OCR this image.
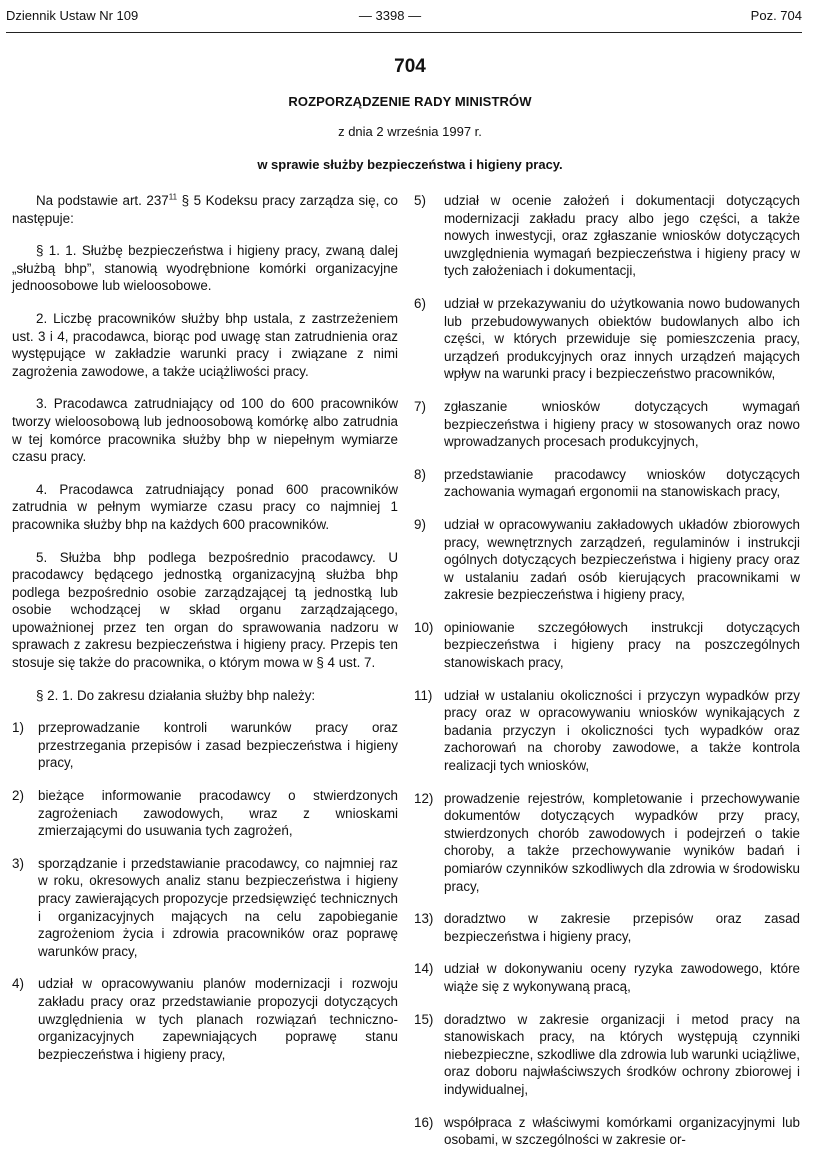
Dziennik Ustaw Nr 109	— 3398 —	Poz. 704
704
ROZPORZĄDZENIE RADY MINISTRÓW
z dnia 2 września 1997 r.
w sprawie służby bezpieczeństwa i higieny pracy.

Na podstawie art. $237^{11}$ § 5 Kodeksu pracy zarządza się, co następuje:

§ 1. 1. Służbę bezpieczeństwa i higieny pracy, zwaną dalej „służbą bhp”, stanowią wyodrębnione komórki organizacyjne jednoosobowe lub wieloosobowe.

2. Liczbę pracowników służby bhp ustala, z zastrzeżeniem ust. 3 i 4, pracodawca, biorąc pod uwagę stan zatrudnienia oraz występujące w zakładzie warunki pracy i związane z nimi zagrożenia zawodowe, a także uciążliwości pracy.

3. Pracodawca zatrudniający od 100 do 600 pracowników tworzy wieloosobową lub jednoosobową komórkę albo zatrudnia w tej komórce pracownika służby bhp w niepełnym wymiarze czasu pracy.

4. Pracodawca zatrudniający ponad 600 pracowników zatrudnia w pełnym wymiarze czasu pracy co najmniej 1 pracownika służby bhp na każdych 600 pracowników.

5. Służba bhp podlega bezpośrednio pracodawcy. U pracodawcy będącego jednostką organizacyjną służba bhp podlega bezpośrednio osobie zarządzającej tą jednostką lub osobie wchodzącej w skład organu zarządzającego, upoważnionej przez ten organ do sprawowania nadzoru w sprawach z zakresu bezpieczeństwa i higieny pracy. Przepis ten stosuje się także do pracownika, o którym mowa w § 4 ust. 7.

§ 2. 1. Do zakresu działania służby bhp należy:

1)	przeprowadzanie kontroli warunków pracy oraz przestrzegania przepisów i zasad bezpieczeństwa i higieny pracy,
2)	bieżące informowanie pracodawcy o stwierdzonych zagrożeniach zawodowych, wraz z wnioskami zmierzającymi do usuwania tych zagrożeń,
3)	sporządzanie i przedstawianie pracodawcy, co najmniej raz w roku, okresowych analiz stanu bezpieczeństwa i higieny pracy zawierających propozycje przedsięwzięć technicznych i organizacyjnych mających na celu zapobieganie zagrożeniom życia i zdrowia pracowników oraz poprawę warunków pracy,
4)	udział w opracowywaniu planów modernizacji i rozwoju zakładu pracy oraz przedstawianie propozycji dotyczących uwzględnienia w tych planach rozwiązań techniczno-organizacyjnych zapewniających poprawę stanu bezpieczeństwa i higieny pracy,
5)	udział w ocenie założeń i dokumentacji dotyczących modernizacji zakładu pracy albo jego części, a także nowych inwestycji, oraz zgłaszanie wniosków dotyczących uwzględnienia wymagań bezpieczeństwa i higieny pracy w tych założeniach i dokumentacji,
6)	udział w przekazywaniu do użytkowania nowo budowanych lub przebudowywanych obiektów budowlanych albo ich części, w których przewiduje się pomieszczenia pracy, urządzeń produkcyjnych oraz innych urządzeń mających wpływ na warunki pracy i bezpieczeństwo pracowników,
7)	zgłaszanie wniosków dotyczących wymagań bezpieczeństwa i higieny pracy w stosowanych oraz nowo wprowadzanych procesach produkcyjnych,
8)	przedstawianie pracodawcy wniosków dotyczących zachowania wymagań ergonomii na stanowiskach pracy,
9)	udział w opracowywaniu zakładowych układów zbiorowych pracy, wewnętrznych zarządzeń, regulaminów i instrukcji ogólnych dotyczących bezpieczeństwa i higieny pracy oraz w ustalaniu zadań osób kierujących pracownikami w zakresie bezpieczeństwa i higieny pracy,
10) opiniowanie szczegółowych instrukcji dotyczących bezpieczeństwa i higieny pracy na poszczególnych stanowiskach pracy,
11) udział w ustalaniu okoliczności i przyczyn wypadków przy pracy oraz w opracowywaniu wniosków wynikających z badania przyczyn i okoliczności tych wypadków oraz zachorowań na choroby zawodowe, a także kontrola realizacji tych wniosków,
12) prowadzenie rejestrów, kompletowanie i przechowywanie dokumentów dotyczących wypadków przy pracy, stwierdzonych chorób zawodowych i podejrzeń o takie choroby, a także przechowywanie wyników badań i pomiarów czynników szkodliwych dla zdrowia w środowisku pracy,
13) doradztwo w zakresie przepisów oraz zasad bezpieczeństwa i higieny pracy,
14) udział w dokonywaniu oceny ryzyka zawodowego, które wiąże się z wykonywaną pracą,
15) doradztwo w zakresie organizacji i metod pracy na stanowiskach pracy, na których występują czynniki niebezpieczne, szkodliwe dla zdrowia lub warunki uciążliwe, oraz doboru najwłaściwszych środków ochrony zbiorowej i indywidualnej,
16) współpraca z właściwymi komórkami organizacyjnymi lub osobami, w szczególności w zakresie or-
